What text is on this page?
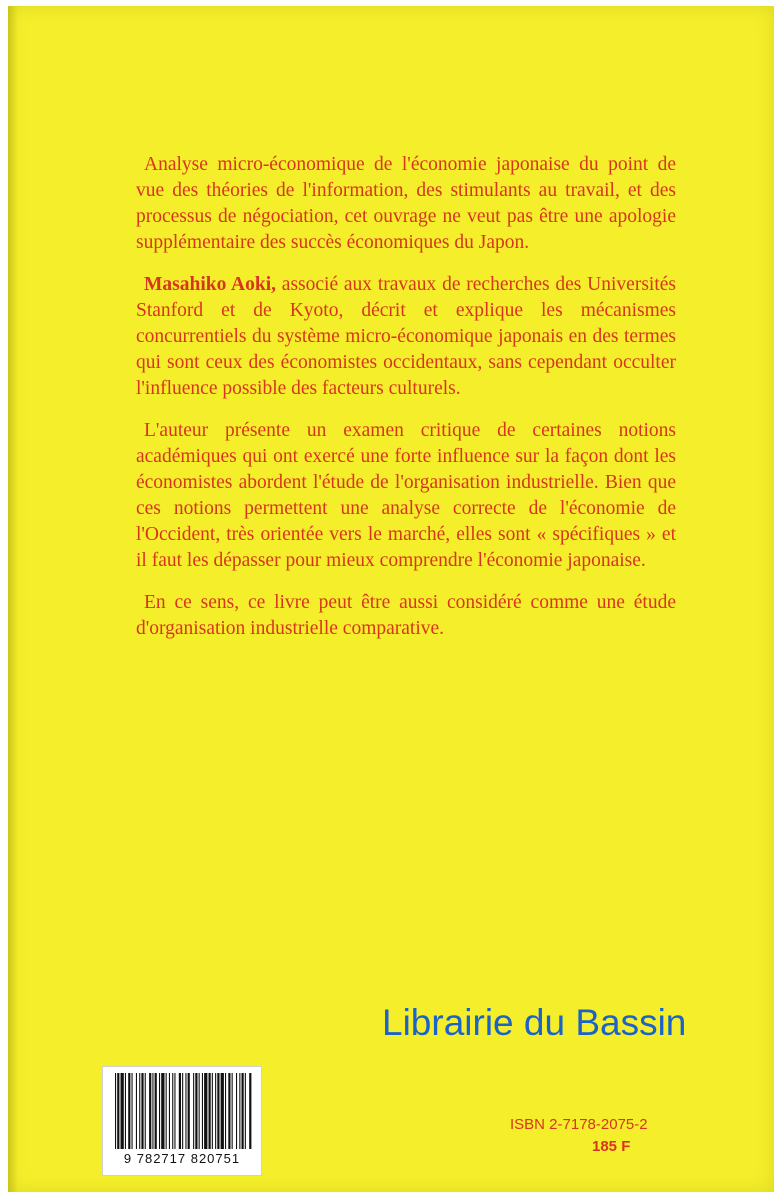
Analyse micro-économique de l'économie japonaise du point de vue des théories de l'information, des stimulants au travail, et des processus de négociation, cet ouvrage ne veut pas être une apologie supplémentaire des succès économiques du Japon.

Masahiko Aoki, associé aux travaux de recherches des Universités Stanford et de Kyoto, décrit et explique les mécanismes concurrentiels du système micro-économique japonais en des termes qui sont ceux des économistes occidentaux, sans cependant occulter l'influence possible des facteurs culturels.

L'auteur présente un examen critique de certaines notions académiques qui ont exercé une forte influence sur la façon dont les économistes abordent l'étude de l'organisation industrielle. Bien que ces notions permettent une analyse correcte de l'économie de l'Occident, très orientée vers le marché, elles sont « spécifiques » et il faut les dépasser pour mieux comprendre l'économie japonaise.

En ce sens, ce livre peut être aussi considéré comme une étude d'organisation industrielle comparative.

Librairie du Bassin
9 782717 820751
ISBN 2-7178-2075-2
185 F
